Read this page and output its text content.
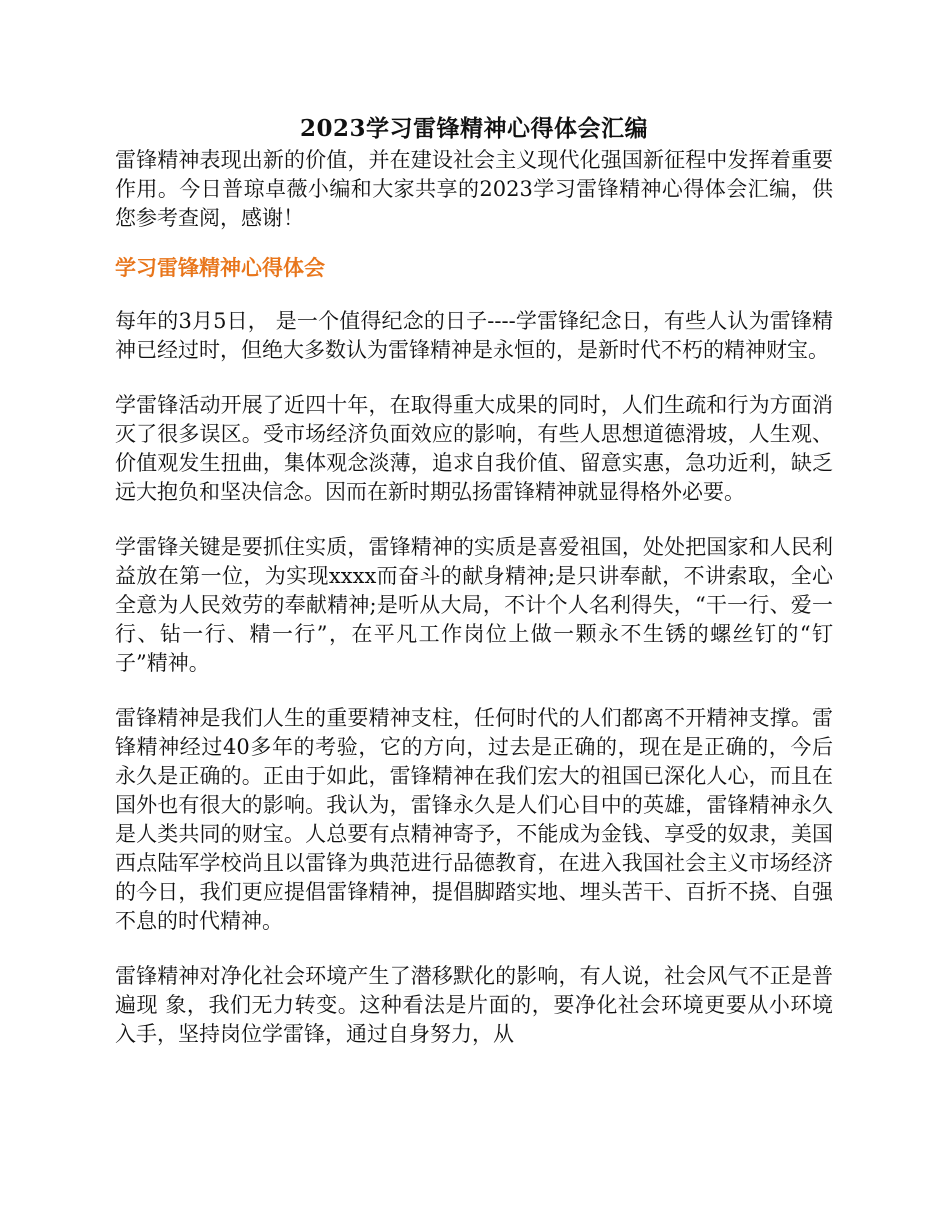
2023学习雷锋精神心得体会汇编

雷锋精神表现出新的价值，并在建设社会主义现代化强国新征程中发挥着重要作用。今日普琼卓薇小编和大家共享的2023学习雷锋精神心得体会汇编，供您参考查阅，感谢！

学习雷锋精神心得体会

每年的3月5日， 是一个值得纪念的日子----学雷锋纪念日，有些人认为雷锋精神已经过时，但绝大多数认为雷锋精神是永恒的，是新时代不朽的精神财宝。

学雷锋活动开展了近四十年，在取得重大成果的同时，人们生疏和行为方面消灭了很多误区。受市场经济负面效应的影响，有些人思想道德滑坡，人生观、价值观发生扭曲，集体观念淡薄，追求自我价值、留意实惠，急功近利，缺乏远大抱负和坚决信念。因而在新时期弘扬雷锋精神就显得格外必要。

学雷锋关键是要抓住实质，雷锋精神的实质是喜爱祖国，处处把国家和人民利益放在第一位，为实现xxxx而奋斗的献身精神;是只讲奉献，不讲索取，全心全意为人民效劳的奉献精神;是听从大局，不计个人名利得失，“干一行、爱一行、钻一行、精一行”，在平凡工作岗位上做一颗永不生锈的螺丝钉的“钉子”精神。

雷锋精神是我们人生的重要精神支柱，任何时代的人们都离不开精神支撑。雷锋精神经过40多年的考验，它的方向，过去是正确的，现在是正确的，今后永久是正确的。正由于如此，雷锋精神在我们宏大的祖国已深化人心，而且在国外也有很大的影响。我认为，雷锋永久是人们心目中的英雄，雷锋精神永久是人类共同的财宝。人总要有点精神寄予，不能成为金钱、享受的奴隶，美国西点陆军学校尚且以雷锋为典范进行品德教育，在进入我国社会主义市场经济的今日，我们更应提倡雷锋精神，提倡脚踏实地、埋头苦干、百折不挠、自强不息的时代精神。

雷锋精神对净化社会环境产生了潜移默化的影响，有人说，社会风气不正是普遍现 象，我们无力转变。这种看法是片面的，要净化社会环境更要从小环境入手，坚持岗位学雷锋，通过自身努力，从
